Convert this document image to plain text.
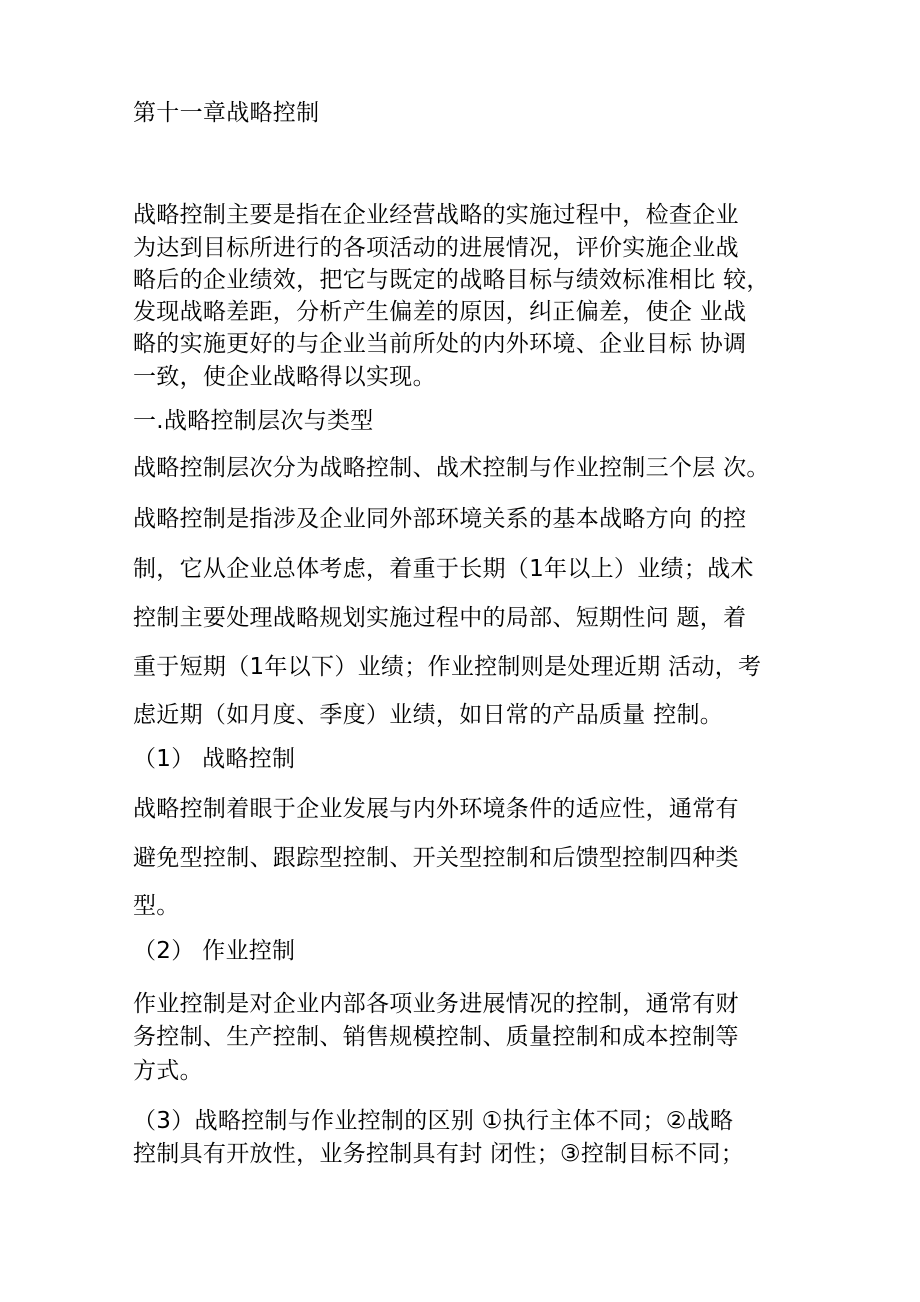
第十一章战略控制
战略控制主要是指在企业经营战略的实施过程中，检查企业
为达到目标所进行的各项活动的进展情况，评价实施企业战
略后的企业绩效，把它与既定的战略目标与绩效标准相比 较，
发现战略差距，分析产生偏差的原因，纠正偏差，使企 业战
略的实施更好的与企业当前所处的内外环境、企业目标 协调
一致，使企业战略得以实现。
一.战略控制层次与类型
战略控制层次分为战略控制、战术控制与作业控制三个层 次。
战略控制是指涉及企业同外部环境关系的基本战略方向 的控
制，它从企业总体考虑，着重于长期（1年以上）业绩；战术
控制主要处理战略规划实施过程中的局部、短期性问 题，着
重于短期（1年以下）业绩；作业控制则是处理近期 活动，考
虑近期（如月度、季度）业绩，如日常的产品质量 控制。
（1） 战略控制
战略控制着眼于企业发展与内外环境条件的适应性，通常有
避免型控制、跟踪型控制、开关型控制和后馈型控制四种类
型。
（2） 作业控制
作业控制是对企业内部各项业务进展情况的控制，通常有财
务控制、生产控制、销售规模控制、质量控制和成本控制等
方式。
（3）战略控制与作业控制的区别 ①执行主体不同；②战略
控制具有开放性，业务控制具有封 闭性；③控制目标不同；
